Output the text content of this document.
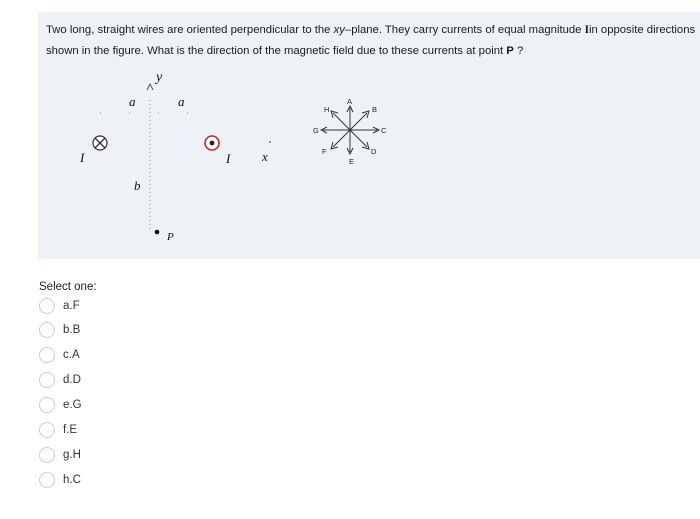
Two long, straight wires are oriented perpendicular to the xy–plane. They carry currents of equal magnitude Iin opposite directions
shown in the figure. What is the direction of the magnetic field due to these currents at point P ?
y
a	a
I	I x
b
P
A
B
C
D
E
F
G
H
Select one:
a.F
b.B
c.A
d.D
e.G
f.E
g.H
h.C
